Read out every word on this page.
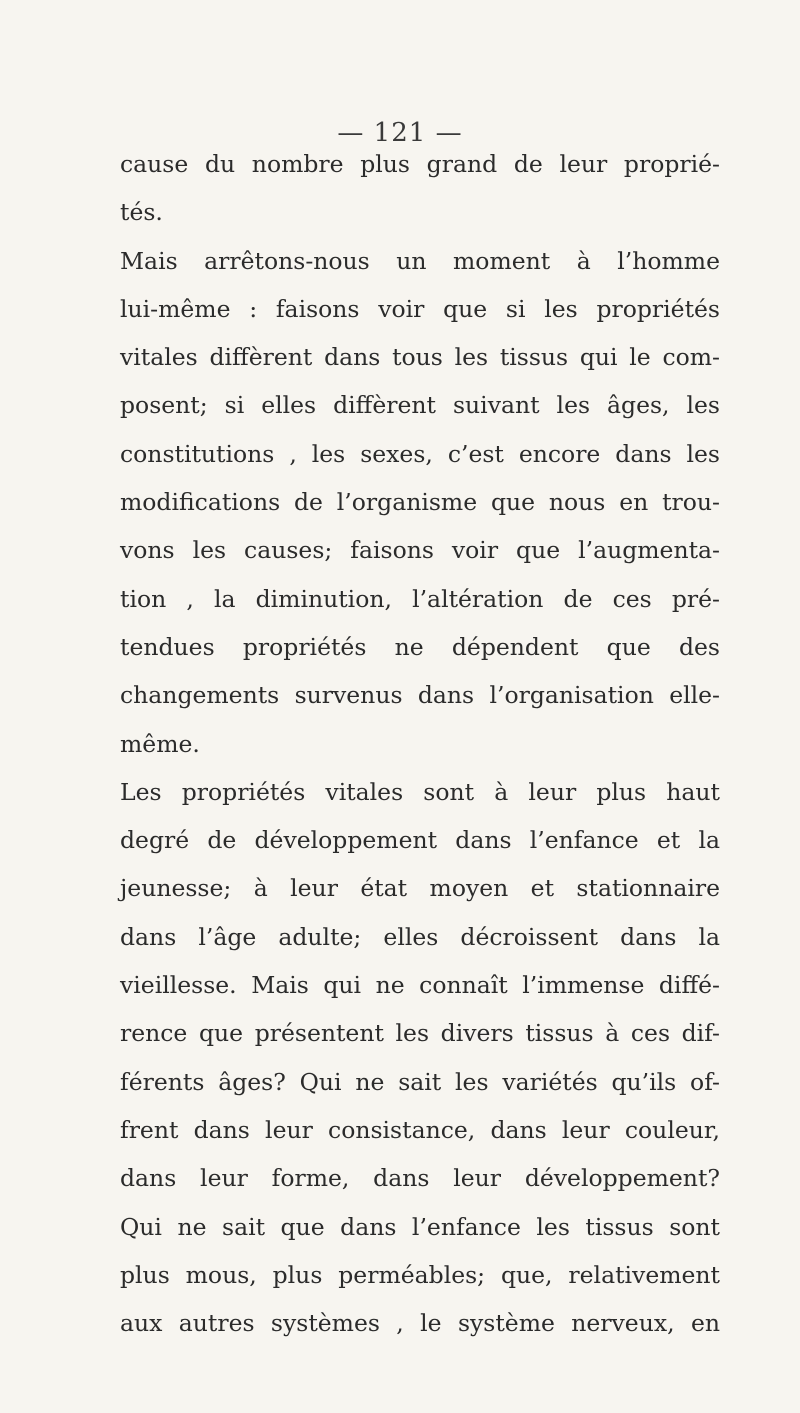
— 121 —
cause du nombre plus grand de leur proprié-
tés.
Mais arrêtons-nous un moment à l’homme
lui-même : faisons voir que si les propriétés
vitales diffèrent dans tous les tissus qui le com-
posent; si elles diffèrent suivant les âges, les
constitutions , les sexes, c’est encore dans les
modifications de l’organisme que nous en trou-
vons les causes; faisons voir que l’augmenta-
tion , la diminution, l’altération de ces pré-
tendues propriétés ne dépendent que des
changements survenus dans l’organisation elle-
même.
Les propriétés vitales sont à leur plus haut
degré de développement dans l’enfance et la
jeunesse; à leur état moyen et stationnaire
dans l’âge adulte; elles décroissent dans la
vieillesse. Mais qui ne connaît l’immense diffé-
rence que présentent les divers tissus à ces dif-
férents âges? Qui ne sait les variétés qu’ils of-
frent dans leur consistance, dans leur couleur,
dans leur forme, dans leur développement?
Qui ne sait que dans l’enfance les tissus sont
plus mous, plus perméables; que, relativement
aux autres systèmes , le système nerveux, en
